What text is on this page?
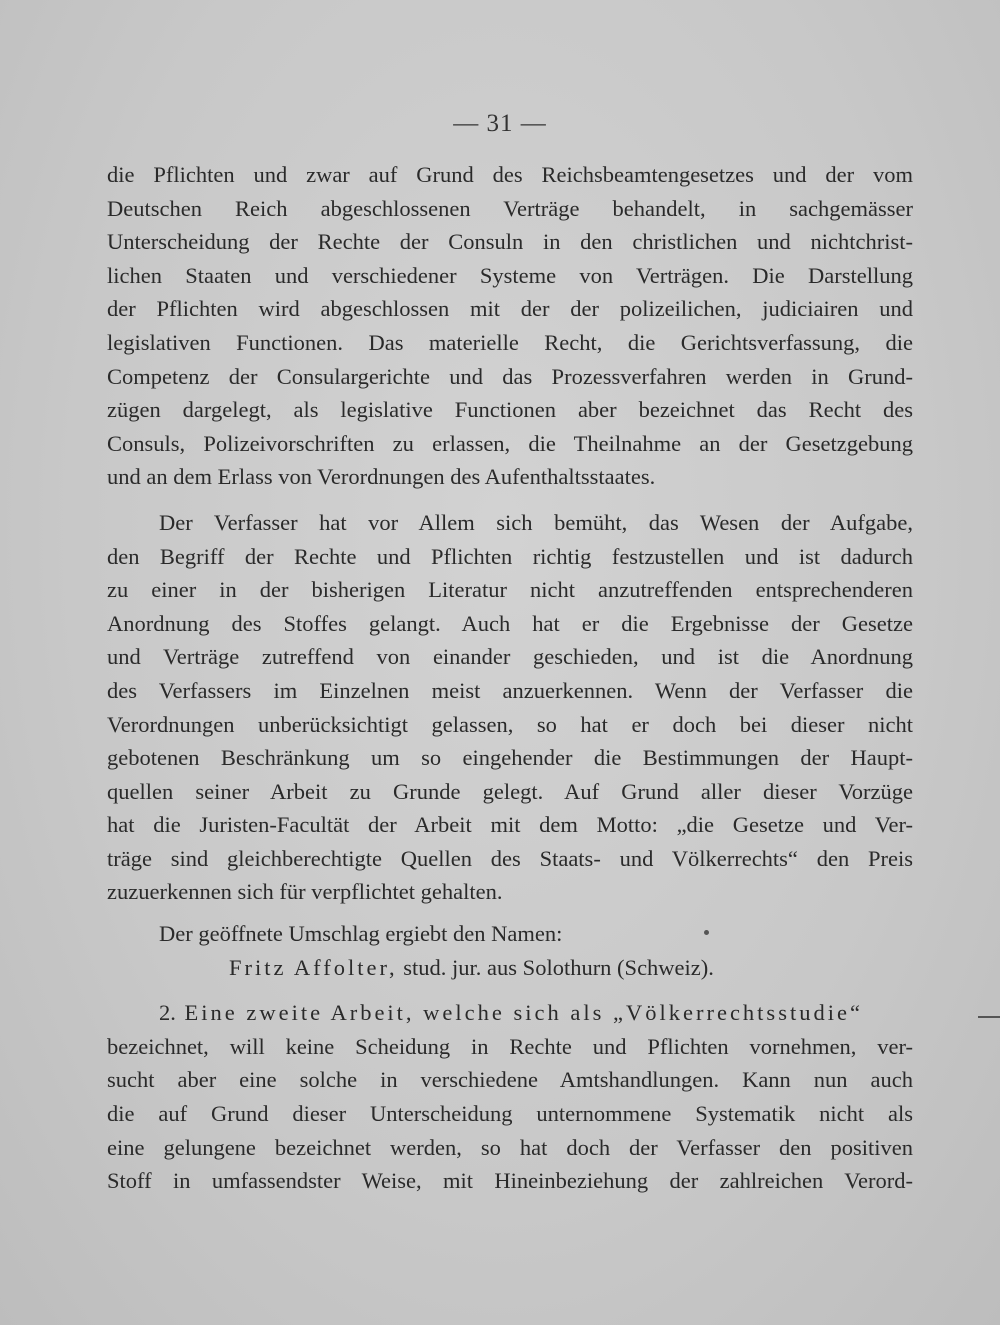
— 31 —
die Pflichten und zwar auf Grund des Reichsbeamtengesetzes und der vom
Deutschen Reich abgeschlossenen Verträge behandelt, in sachgemässer
Unterscheidung der Rechte der Consuln in den christlichen und nichtchrist-
lichen Staaten und verschiedener Systeme von Verträgen. Die Darstellung
der Pflichten wird abgeschlossen mit der der polizeilichen, judiciairen und
legislativen Functionen. Das materielle Recht, die Gerichtsverfassung, die
Competenz der Consulargerichte und das Prozessverfahren werden in Grund-
zügen dargelegt, als legislative Functionen aber bezeichnet das Recht des
Consuls, Polizeivorschriften zu erlassen, die Theilnahme an der Gesetzgebung
und an dem Erlass von Verordnungen des Aufenthaltsstaates.
Der Verfasser hat vor Allem sich bemüht, das Wesen der Aufgabe,
den Begriff der Rechte und Pflichten richtig festzustellen und ist dadurch
zu einer in der bisherigen Literatur nicht anzutreffenden entsprechenderen
Anordnung des Stoffes gelangt. Auch hat er die Ergebnisse der Gesetze
und Verträge zutreffend von einander geschieden, und ist die Anordnung
des Verfassers im Einzelnen meist anzuerkennen. Wenn der Verfasser die
Verordnungen unberücksichtigt gelassen, so hat er doch bei dieser nicht
gebotenen Beschränkung um so eingehender die Bestimmungen der Haupt-
quellen seiner Arbeit zu Grunde gelegt. Auf Grund aller dieser Vorzüge
hat die Juristen-Facultät der Arbeit mit dem Motto: „die Gesetze und Ver-
träge sind gleichberechtigte Quellen des Staats- und Völkerrechts“ den Preis
zuzuerkennen sich für verpflichtet gehalten.
Der geöffnete Umschlag ergiebt den Namen:
Fritz Affolter, stud. jur. aus Solothurn (Schweiz).
2. Eine zweite Arbeit, welche sich als „Völkerrechtsstudie“
bezeichnet, will keine Scheidung in Rechte und Pflichten vornehmen, ver-
sucht aber eine solche in verschiedene Amtshandlungen. Kann nun auch
die auf Grund dieser Unterscheidung unternommene Systematik nicht als
eine gelungene bezeichnet werden, so hat doch der Verfasser den positiven
Stoff in umfassendster Weise, mit Hineinbeziehung der zahlreichen Verord-
